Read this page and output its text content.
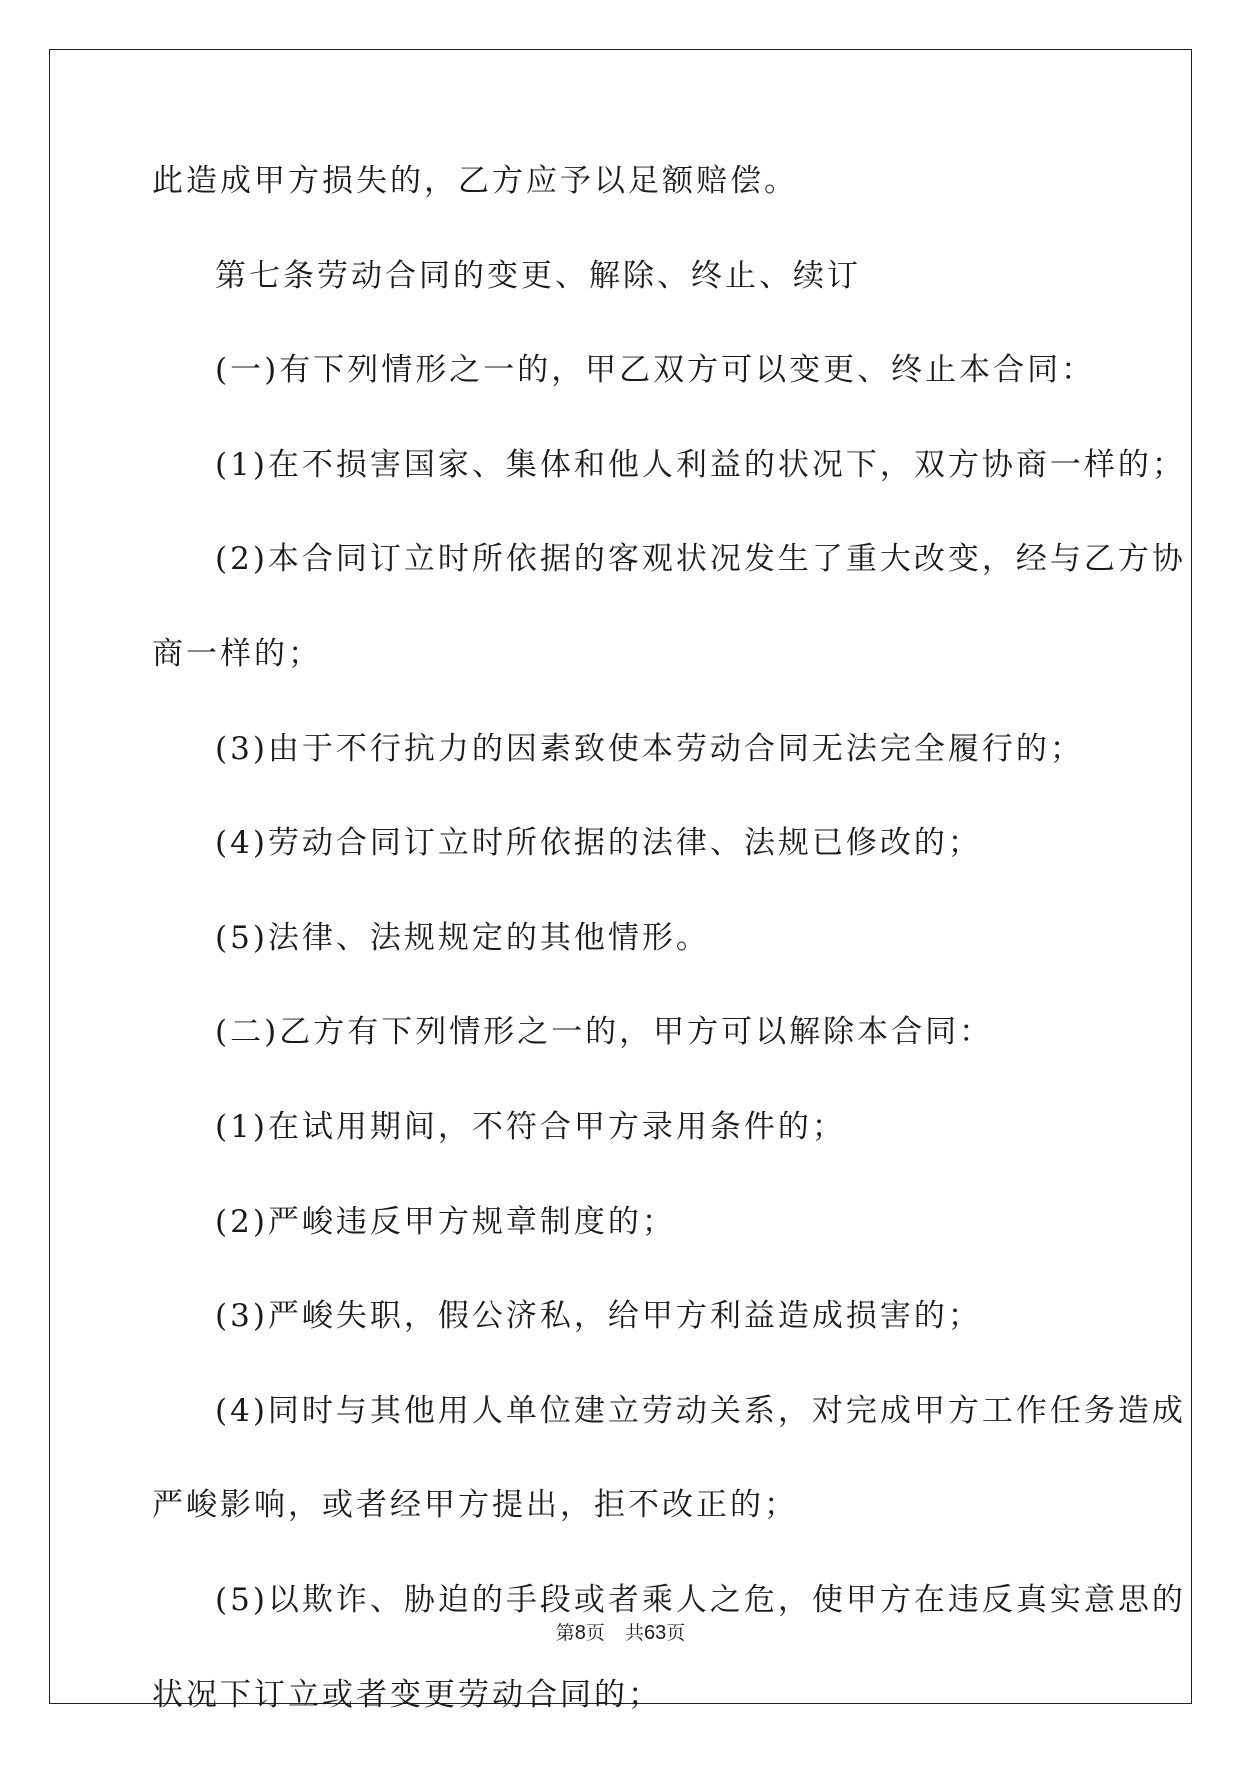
此造成甲方损失的，乙方应予以足额赔偿。
第七条劳动合同的变更、解除、终止、续订
(一)有下列情形之一的，甲乙双方可以变更、终止本合同：
(1)在不损害国家、集体和他人利益的状况下，双方协商一样的；
(2)本合同订立时所依据的客观状况发生了重大改变，经与乙方协
商一样的；
(3)由于不行抗力的因素致使本劳动合同无法完全履行的；
(4)劳动合同订立时所依据的法律、法规已修改的；
(5)法律、法规规定的其他情形。
(二)乙方有下列情形之一的，甲方可以解除本合同：
(1)在试用期间，不符合甲方录用条件的；
(2)严峻违反甲方规章制度的；
(3)严峻失职，假公济私，给甲方利益造成损害的；
(4)同时与其他用人单位建立劳动关系，对完成甲方工作任务造成
严峻影响，或者经甲方提出，拒不改正的；
(5)以欺诈、胁迫的手段或者乘人之危，使甲方在违反真实意思的
状况下订立或者变更劳动合同的；
第8页 共63页
